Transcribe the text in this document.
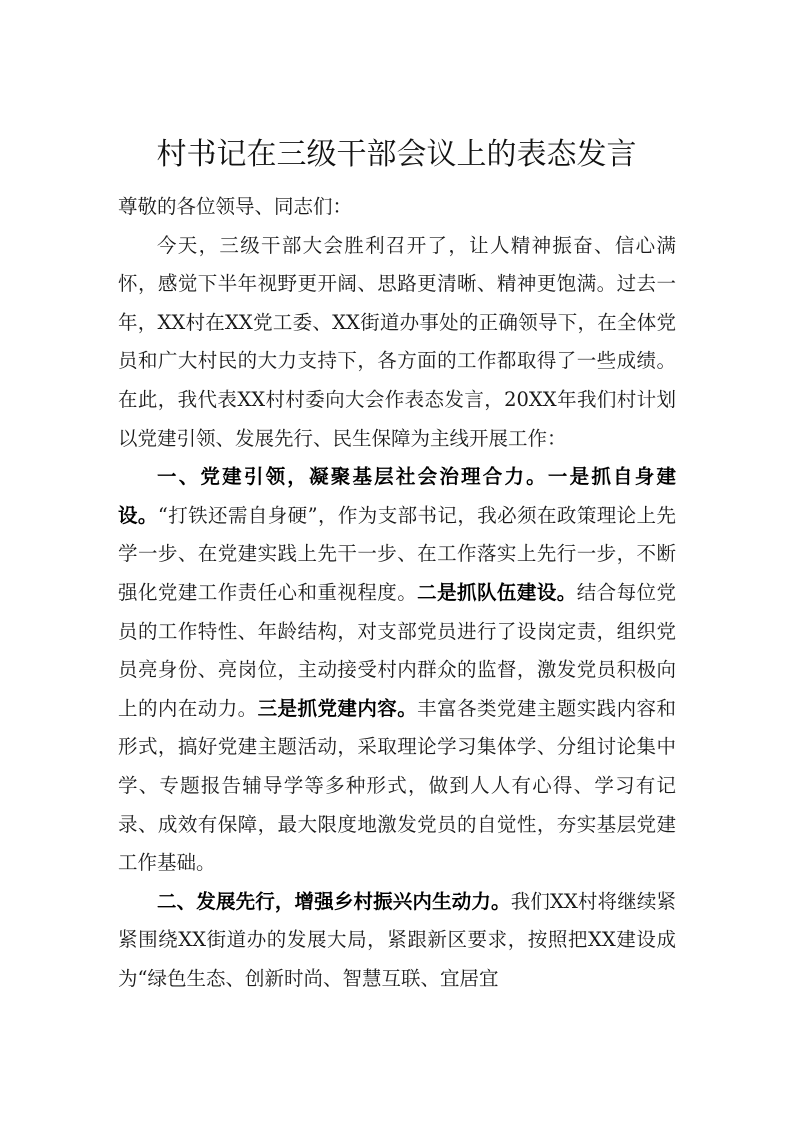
村书记在三级干部会议上的表态发言

尊敬的各位领导、同志们：

今天，三级干部大会胜利召开了，让人精神振奋、信心满怀，感觉下半年视野更开阔、思路更清晰、精神更饱满。过去一年，XX村在XX党工委、XX街道办事处的正确领导下，在全体党员和广大村民的大力支持下，各方面的工作都取得了一些成绩。在此，我代表XX村村委向大会作表态发言，20XX年我们村计划以党建引领、发展先行、民生保障为主线开展工作：

一、党建引领，凝聚基层社会治理合力。一是抓自身建设。“打铁还需自身硬”，作为支部书记，我必须在政策理论上先学一步、在党建实践上先干一步、在工作落实上先行一步，不断强化党建工作责任心和重视程度。二是抓队伍建设。结合每位党员的工作特性、年龄结构，对支部党员进行了设岗定责，组织党员亮身份、亮岗位，主动接受村内群众的监督，激发党员积极向上的内在动力。三是抓党建内容。丰富各类党建主题实践内容和形式，搞好党建主题活动，采取理论学习集体学、分组讨论集中学、专题报告辅导学等多种形式，做到人人有心得、学习有记录、成效有保障，最大限度地激发党员的自觉性，夯实基层党建工作基础。

二、发展先行，增强乡村振兴内生动力。我们XX村将继续紧紧围绕XX街道办的发展大局，紧跟新区要求，按照把XX建设成为“绿色生态、创新时尚、智慧互联、宜居宜
